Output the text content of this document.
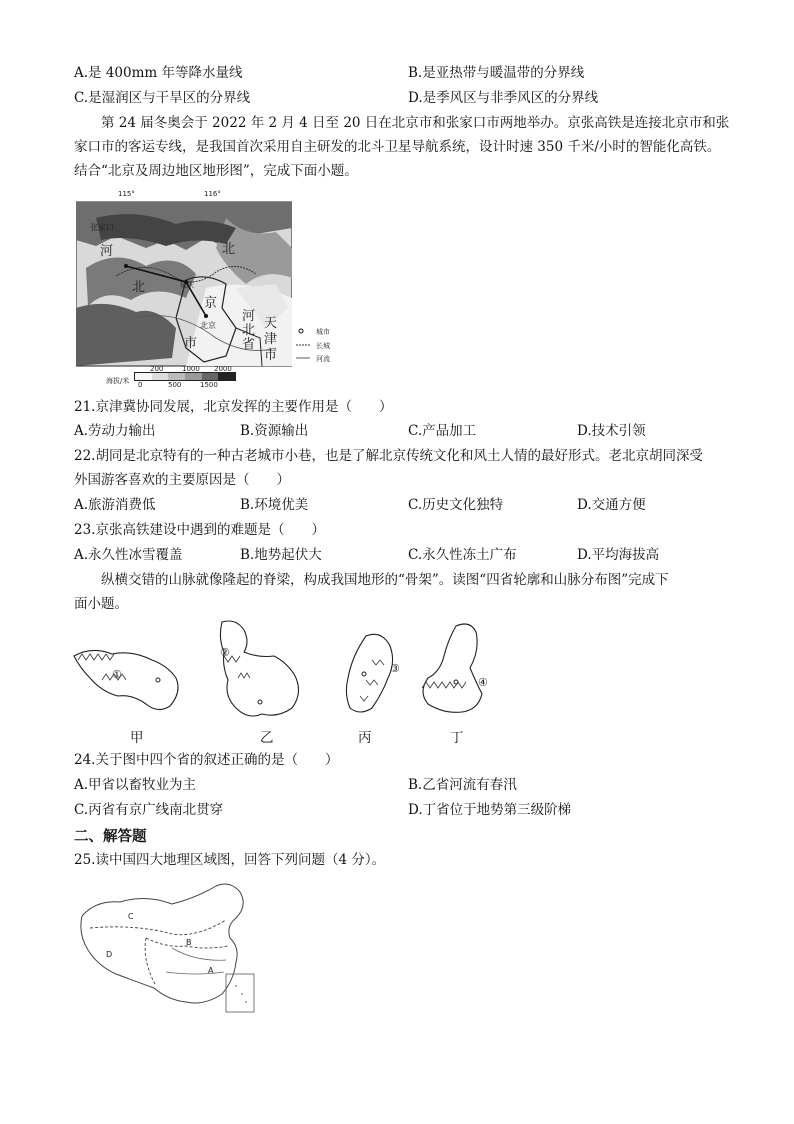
A.是 400mm 年等降水量线	B.是亚热带与暖温带的分界线
C.是湿润区与干旱区的分界线	D.是季风区与非季风区的分界线
第 24 届冬奥会于 2022 年 2 月 4 日至 20 日在北京市和张家口市两地举办。京张高铁是连接北京市和张
家口市的客运专线，是我国首次采用自主研发的北斗卫星导航系统，设计时速 350 千米/小时的智能化高铁。
结合“北京及周边地区地形图”，完成下面小题。
115°	116°
张家口
河
北
北
京
延庆
北京
市
河北省
天
津
市
海拔/米
200	1000 2000
0	500	1500
城市
长城
河流
21.京津冀协同发展，北京发挥的主要作用是（　　）
A.劳动力输出	B.资源输出	C.产品加工	D.技术引领
22.胡同是北京特有的一种古老城市小巷，也是了解北京传统文化和风土人情的最好形式。老北京胡同深受
外国游客喜欢的主要原因是（　　）
A.旅游消费低	B.环境优美	C.历史文化独特	D.交通方便
23.京张高铁建设中遇到的难题是（　　）
A.永久性冰雪覆盖	B.地势起伏大	C.永久性冻土广布	D.平均海拔高
纵横交错的山脉就像隆起的脊梁，构成我国地形的“骨架”。读图“四省轮廓和山脉分布图”完成下
面小题。
①
②
③
④
甲	乙	丙	丁
24.关于图中四个省的叙述正确的是（　　）
A.甲省以畜牧业为主	B.乙省河流有春汛
C.丙省有京广线南北贯穿	D.丁省位于地势第三级阶梯
二、解答题
25.读中国四大地理区域图，回答下列问题（4 分）。
C
B
D
A
